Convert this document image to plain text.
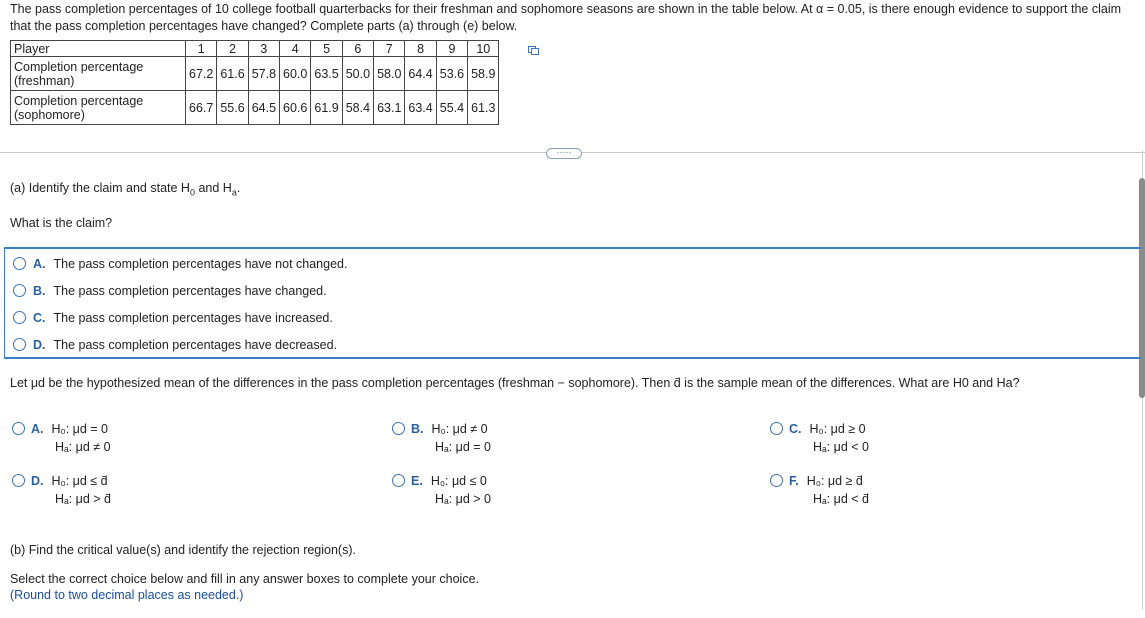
The pass completion percentages of 10 college football quarterbacks for their freshman and sophomore seasons are shown in the table below. At α = 0.05, is there enough evidence to support the claim that the pass completion percentages have changed? Complete parts (a) through (e) below.
Player	1	2	3	4	5	6	7	8	9	10
Completion percentage (freshman)	67.2	61.6	57.8	60.0	63.5	50.0	58.0	64.4	53.6	58.9
Completion percentage (sophomore)	66.7	55.6	64.5	60.6	61.9	58.4	63.1	63.4	55.4	61.3
·····
(a) Identify the claim and state $H_0$ and $H_a$.
What is the claim?
A. The pass completion percentages have not changed.
B. The pass completion percentages have changed.
C. The pass completion percentages have increased.
D. The pass completion percentages have decreased.
Let μd be the hypothesized mean of the differences in the pass completion percentages (freshman − sophomore). Then d̄ is the sample mean of the differences. What are H0 and Ha?
A. H₀: μd = 0
Hₐ: μd ≠ 0
B. H₀: μd ≠ 0
Hₐ: μd = 0
C. H₀: μd ≥ 0
Hₐ: μd < 0
D. H₀: μd ≤ d̄
Hₐ: μd > d̄
E. H₀: μd ≤ 0
Hₐ: μd > 0
F. H₀: μd ≥ d̄
Hₐ: μd < d̄
(b) Find the critical value(s) and identify the rejection region(s).
Select the correct choice below and fill in any answer boxes to complete your choice.
(Round to two decimal places as needed.)
